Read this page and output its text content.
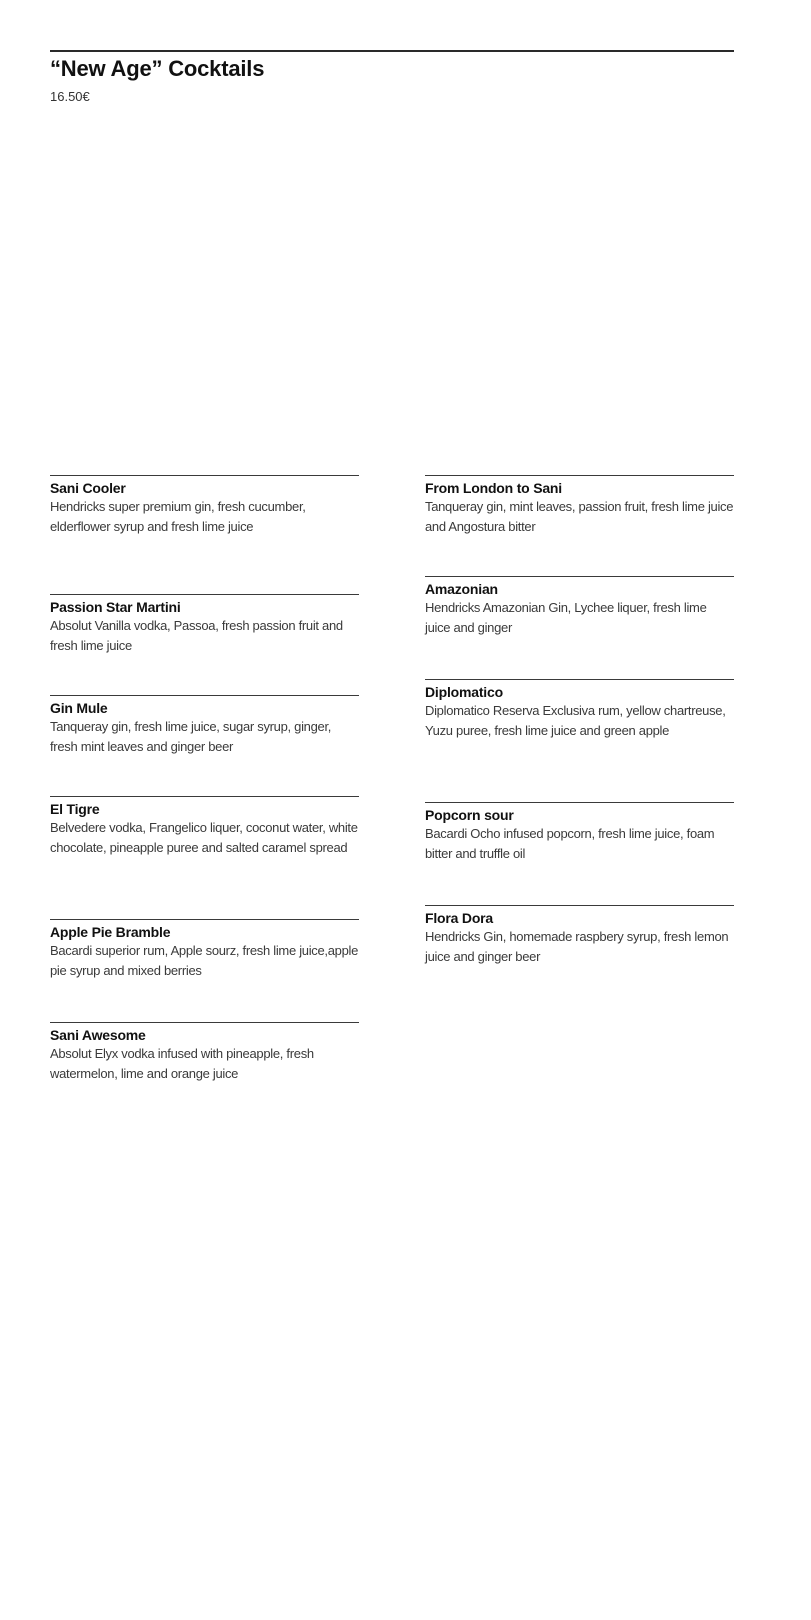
“New Age” Cocktails
16.50€
Sani Cooler
Hendricks super premium gin, fresh cucumber, elderflower syrup and fresh lime juice
Passion Star Martini
Absolut Vanilla vodka, Passoa, fresh passion fruit and fresh lime juice
Gin Mule
Tanqueray gin, fresh lime juice, sugar syrup, ginger, fresh mint leaves and ginger beer
El Tigre
Belvedere vodka, Frangelico liquer, coconut water, white chocolate, pineapple puree and salted caramel spread
Apple Pie Bramble
Bacardi superior rum, Apple sourz, fresh lime juice,apple pie syrup and mixed berries
Sani Awesome
Absolut Elyx vodka infused with pineapple, fresh watermelon, lime and orange juice
From London to Sani
Tanqueray gin, mint leaves, passion fruit, fresh lime juice and Angostura bitter
Amazonian
Hendricks Amazonian Gin, Lychee liquer, fresh lime juice and ginger
Diplomatico
Diplomatico Reserva Exclusiva rum, yellow chartreuse, Yuzu puree, fresh lime juice and green apple
Popcorn sour
Bacardi Ocho infused popcorn, fresh lime juice, foam bitter and truffle oil
Flora Dora
Hendricks Gin, homemade raspbery syrup, fresh lemon juice and ginger beer
